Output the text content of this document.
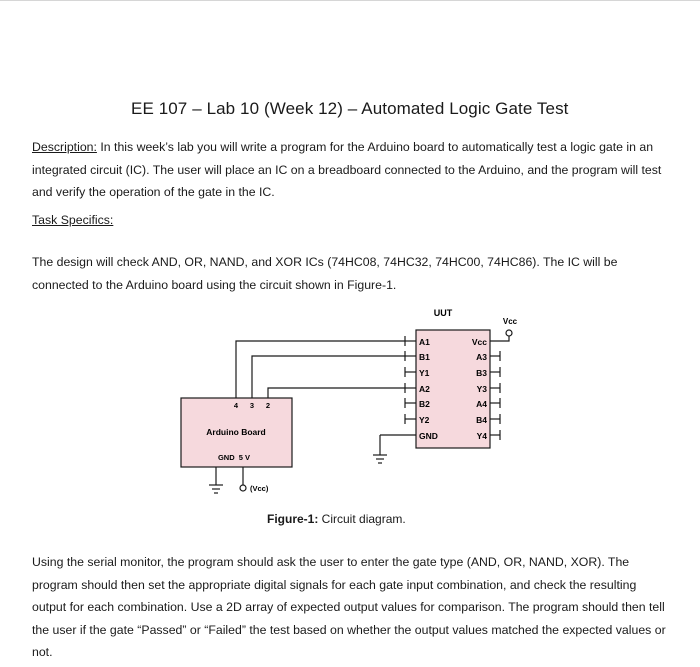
EE 107 – Lab 10 (Week 12) – Automated Logic Gate Test
Description: In this week’s lab you will write a program for the Arduino board to automatically test a logic gate in an integrated circuit (IC). The user will place an IC on a breadboard connected to the Arduino, and the program will test and verify the operation of the gate in the IC.
Task Specifics:
The design will check AND, OR, NAND, and XOR ICs (74HC08, 74HC32, 74HC00, 74HC86). The IC will be connected to the Arduino board using the circuit shown in Figure-1.
UUT
Vcc
A1
B1
Y1
A2
B2
Y2
GND
Vcc
A3
B3
Y3
A4
B4
Y4
4 3 2
Arduino Board
GND  5 V
(Vcc)
Figure-1: Circuit diagram.
Using the serial monitor, the program should ask the user to enter the gate type (AND, OR, NAND, XOR). The program should then set the appropriate digital signals for each gate input combination, and check the resulting output for each combination. Use a 2D array of expected output values for comparison. The program should then tell the user if the gate “Passed” or “Failed” the test based on whether the output values matched the expected values or not.
